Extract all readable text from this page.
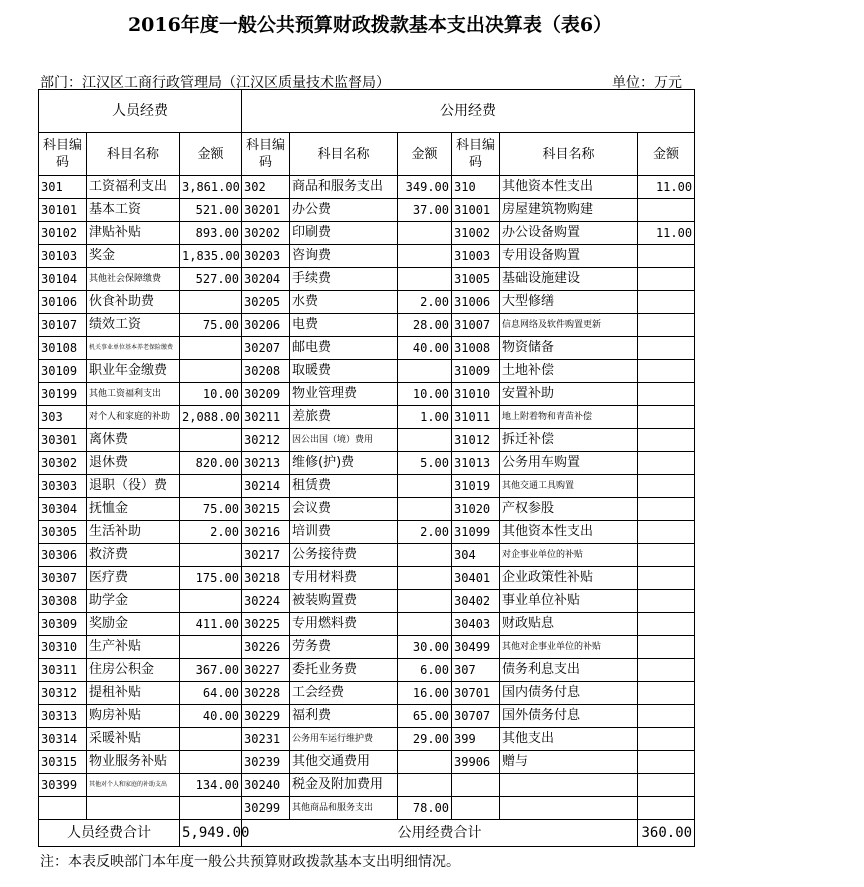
2016年度一般公共预算财政拨款基本支出决算表（表6）
部门：江汉区工商行政管理局（江汉区质量技术监督局）	单位：万元
人员经费			公用经费					
科目编码	科目名称	金额	科目编码	科目名称	金额	科目编码	科目名称	金额
301	工资福利支出	3,861.00	302	商品和服务支出	349.00	310	其他资本性支出	11.00
30101	基本工资	521.00	30201	办公费	37.00	31001	房屋建筑物购建	
30102	津贴补贴	893.00	30202	印刷费		31002	办公设备购置	11.00
30103	奖金	1,835.00	30203	咨询费		31003	专用设备购置	
30104	其他社会保障缴费	527.00	30204	手续费		31005	基础设施建设	
30106	伙食补助费		30205	水费	2.00	31006	大型修缮	
30107	绩效工资	75.00	30206	电费	28.00	31007	信息网络及软件购置更新	
30108	机关事业单位基本养老保险缴费		30207	邮电费	40.00	31008	物资储备	
30109	职业年金缴费		30208	取暖费		31009	土地补偿	
30199	其他工资福利支出	10.00	30209	物业管理费	10.00	31010	安置补助	
303	对个人和家庭的补助	2,088.00	30211	差旅费	1.00	31011	地上附着物和青苗补偿	
30301	离休费		30212	因公出国（境）费用		31012	拆迁补偿	
30302	退休费	820.00	30213	维修(护)费	5.00	31013	公务用车购置	
30303	退职（役）费		30214	租赁费		31019	其他交通工具购置	
30304	抚恤金	75.00	30215	会议费		31020	产权参股	
30305	生活补助	2.00	30216	培训费	2.00	31099	其他资本性支出	
30306	救济费		30217	公务接待费		304	对企事业单位的补贴	
30307	医疗费	175.00	30218	专用材料费		30401	企业政策性补贴	
30308	助学金		30224	被装购置费		30402	事业单位补贴	
30309	奖励金	411.00	30225	专用燃料费		30403	财政贴息	
30310	生产补贴		30226	劳务费	30.00	30499	其他对企事业单位的补贴	
30311	住房公积金	367.00	30227	委托业务费	6.00	307	债务利息支出	
30312	提租补贴	64.00	30228	工会经费	16.00	30701	国内债务付息	
30313	购房补贴	40.00	30229	福利费	65.00	30707	国外债务付息	
30314	采暖补贴		30231	公务用车运行维护费	29.00	399	其他支出	
30315	物业服务补贴		30239	其他交通费用		39906	赠与	
30399	其他对个人和家庭的补助支出	134.00	30240	税金及附加费用				
			30299	其他商品和服务支出	78.00			
人员经费合计		5,949.00	公用经费合计					360.00
注：本表反映部门本年度一般公共预算财政拨款基本支出明细情况。
